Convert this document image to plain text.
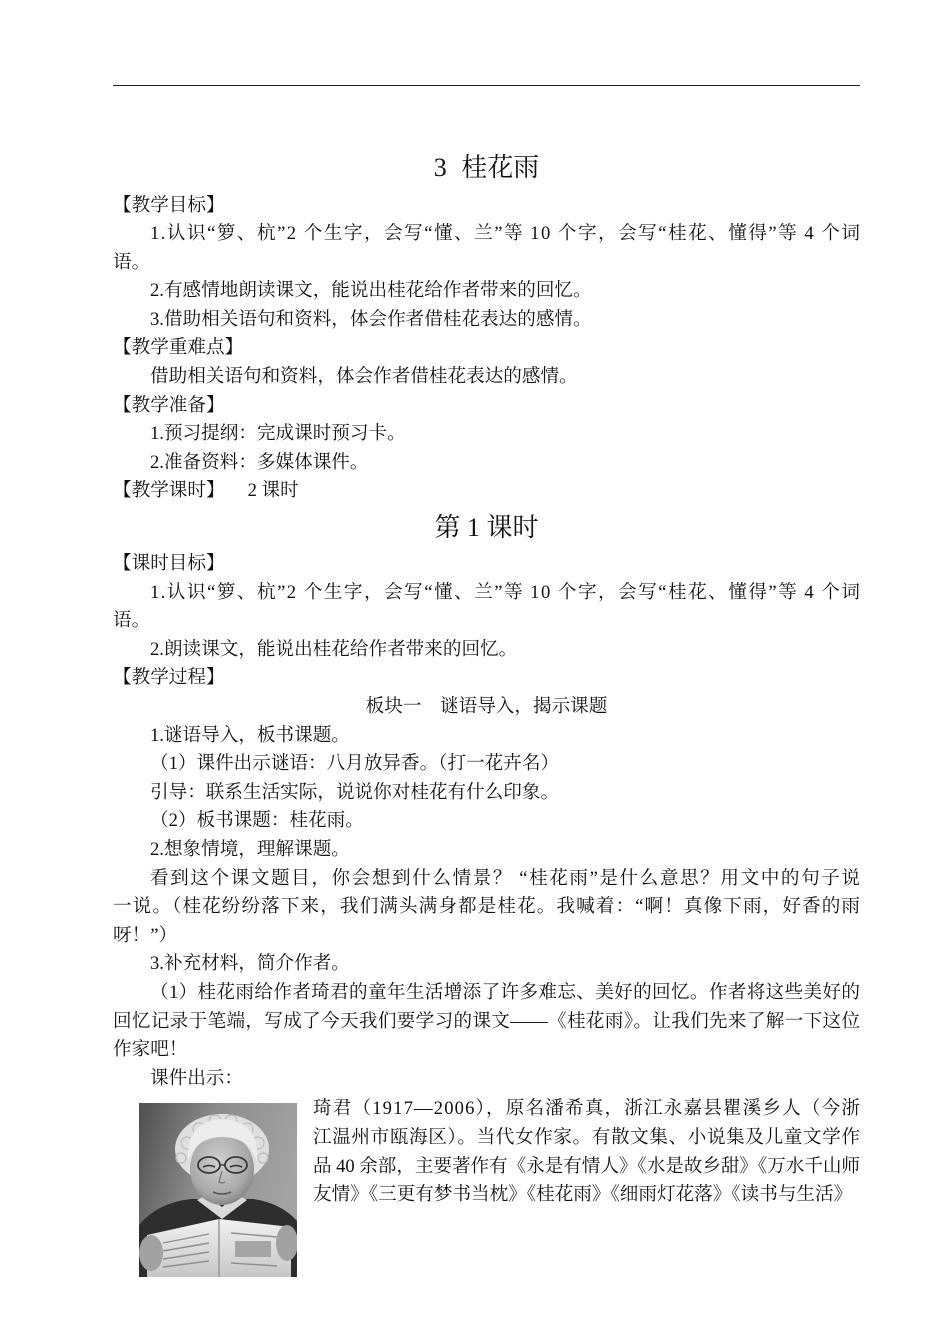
3 桂花雨
【教学目标】
1.认识“箩、杭”2 个生字，会写“懂、兰”等 10 个字，会写“桂花、懂得”等 4 个词
语。
2.有感情地朗读课文，能说出桂花给作者带来的回忆。
3.借助相关语句和资料，体会作者借桂花表达的感情。
【教学重难点】
借助相关语句和资料，体会作者借桂花表达的感情。
【教学准备】
1.预习提纲：完成课时预习卡。
2.准备资料：多媒体课件。
【教学课时】 2 课时
第 1 课时
【课时目标】
1.认识“箩、杭”2 个生字，会写“懂、兰”等 10 个字，会写“桂花、懂得”等 4 个词
语。
2.朗读课文，能说出桂花给作者带来的回忆。
【教学过程】
板块一　谜语导入，揭示课题
1.谜语导入，板书课题。
（1）课件出示谜语：八月放异香。（打一花卉名）
引导：联系生活实际，说说你对桂花有什么印象。
（2）板书课题：桂花雨。
2.想象情境，理解课题。
看到这个课文题目，你会想到什么情景？ “桂花雨”是什么意思？用文中的句子说
一说。（桂花纷纷落下来，我们满头满身都是桂花。我喊着：“啊！真像下雨，好香的雨
呀！”）
3.补充材料，简介作者。
（1）桂花雨给作者琦君的童年生活增添了许多难忘、美好的回忆。作者将这些美好的
回忆记录于笔端，写成了今天我们要学习的课文——《桂花雨》。让我们先来了解一下这位
作家吧！
课件出示：
琦君（1917—2006），原名潘希真，浙江永嘉县瞿溪乡人（今浙
江温州市瓯海区）。当代女作家。有散文集、小说集及儿童文学作
品 40 余部，主要著作有《永是有情人》《水是故乡甜》《万水千山师
友情》《三更有梦书当枕》《桂花雨》《细雨灯花落》《读书与生活》
